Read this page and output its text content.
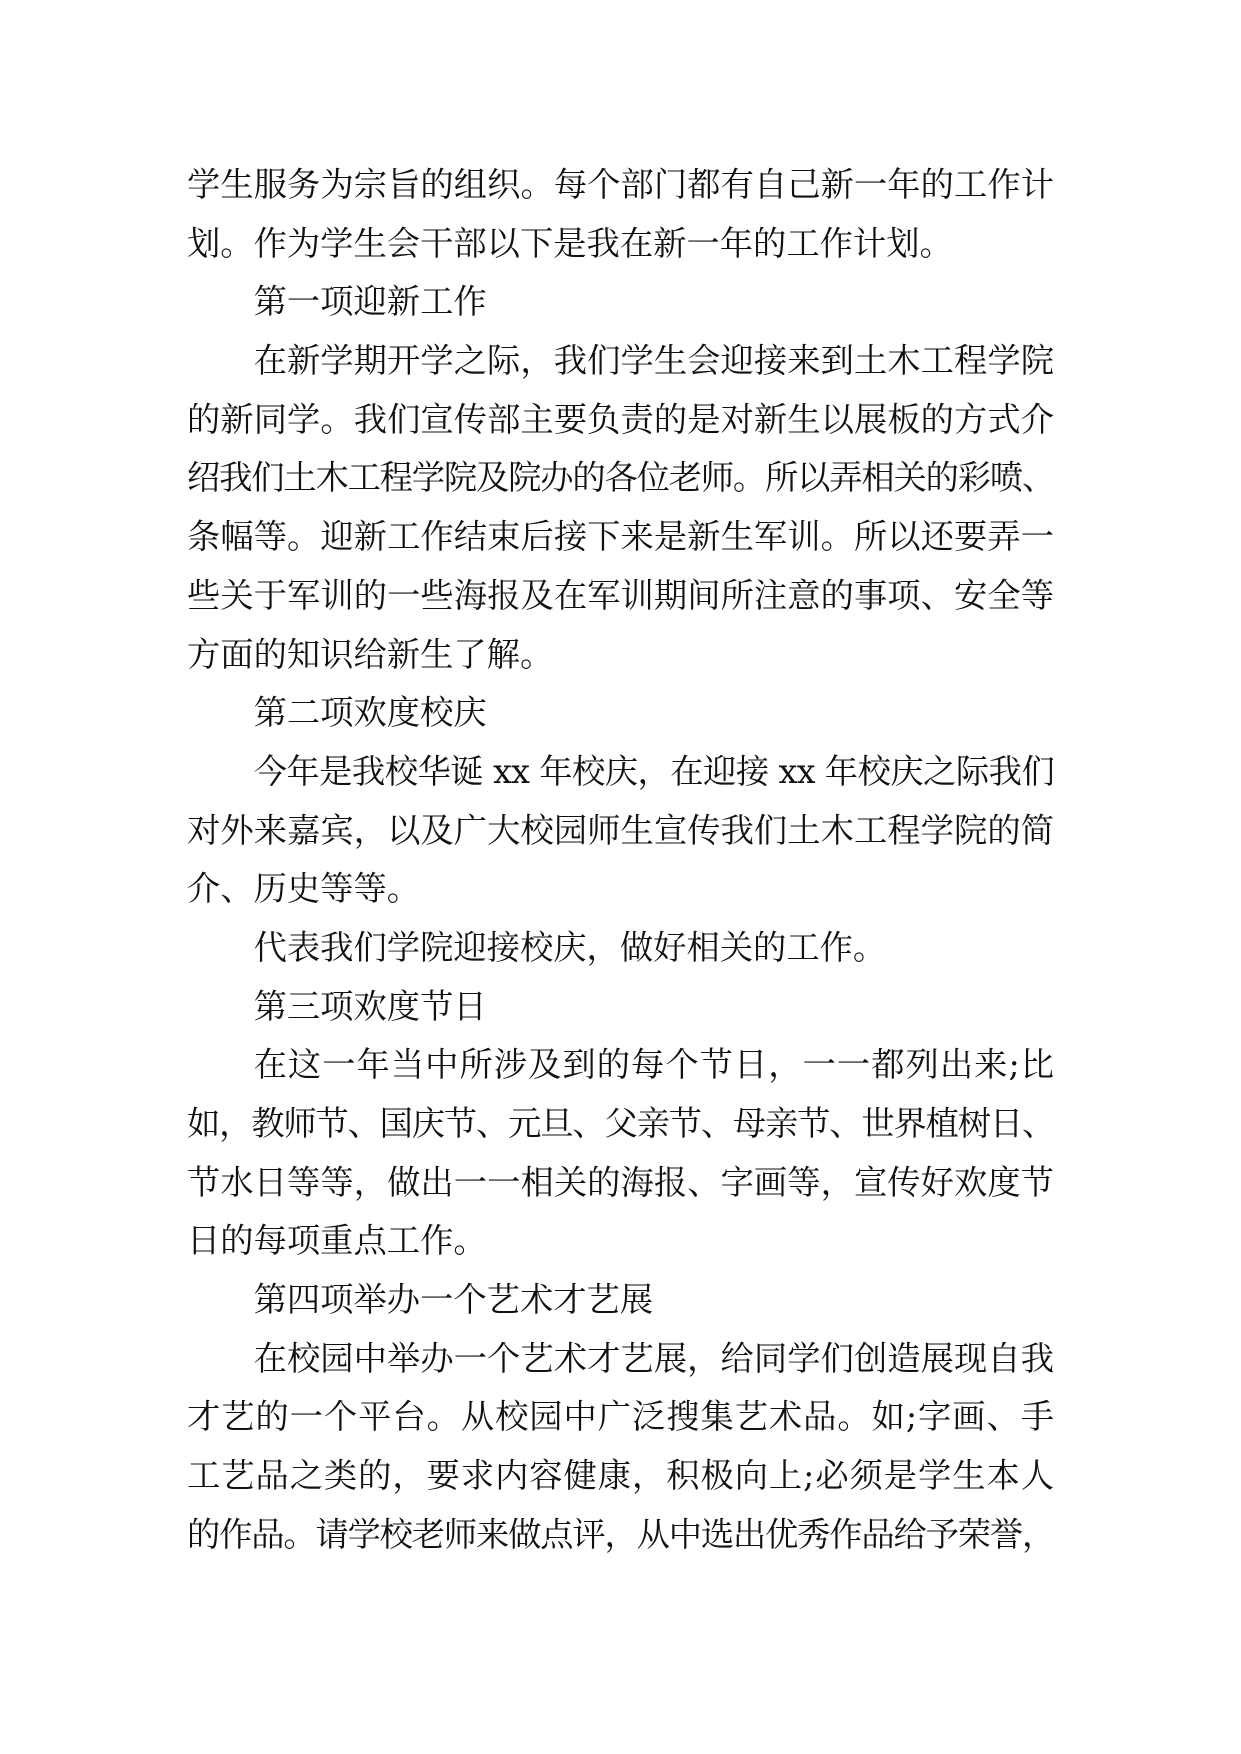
学生服务为宗旨的组织。每个部门都有自己新一年的工作计
划。作为学生会干部以下是我在新一年的工作计划。
第一项迎新工作
在新学期开学之际，我们学生会迎接来到土木工程学院
的新同学。我们宣传部主要负责的是对新生以展板的方式介
绍我们土木工程学院及院办的各位老师。所以弄相关的彩喷、
条幅等。迎新工作结束后接下来是新生军训。所以还要弄一
些关于军训的一些海报及在军训期间所注意的事项、安全等
方面的知识给新生了解。
第二项欢度校庆
今年是我校华诞 xx 年校庆，在迎接 xx 年校庆之际我们
对外来嘉宾，以及广大校园师生宣传我们土木工程学院的简
介、历史等等。
代表我们学院迎接校庆，做好相关的工作。
第三项欢度节日
在这一年当中所涉及到的每个节日，一一都列出来;比
如，教师节、国庆节、元旦、父亲节、母亲节、世界植树日、
节水日等等，做出一一相关的海报、字画等，宣传好欢度节
日的每项重点工作。
第四项举办一个艺术才艺展
在校园中举办一个艺术才艺展，给同学们创造展现自我
才艺的一个平台。从校园中广泛搜集艺术品。如;字画、手
工艺品之类的，要求内容健康，积极向上;必须是学生本人
的作品。请学校老师来做点评，从中选出优秀作品给予荣誉，
